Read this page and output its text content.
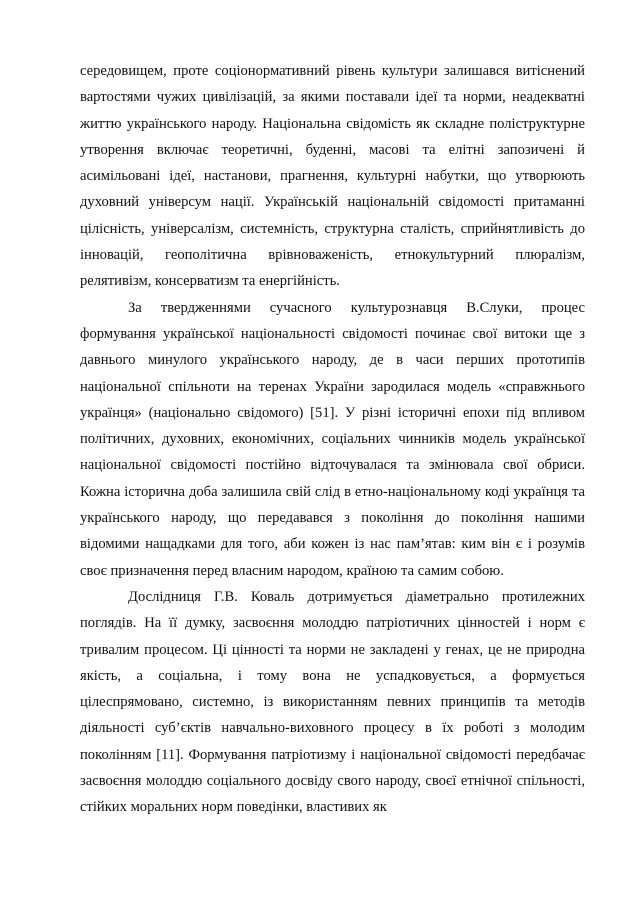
середовищем, проте соціонормативний рівень культури залишався витіснений вартостями чужих цивілізацій, за якими поставали ідеї та норми, неадекватні життю українського народу. Національна свідомість як складне поліструктурне утворення включає теоретичні, буденні, масові та елітні запозичені й асимільовані ідеї, настанови, прагнення, культурні набутки, що утворюють духовний універсум нації. Українській національній свідомості притаманні цілісність, універсалізм, системність, структурна сталість, сприйнятливість до інновацій, геополітична врівноваженість, етнокультурний плюралізм, релятивізм, консерватизм та енергійність.

За твердженнями сучасного культурознавця В.Слуки, процес формування української національності свідомості починає свої витоки ще з давнього минулого українського народу, де в часи перших прототипів національної спільноти на теренах України зародилася модель «справжнього українця» (національно свідомого) [51]. У різні історичні епохи під впливом політичних, духовних, економічних, соціальних чинників модель української національної свідомості постійно відточувалася та змінювала свої обриси. Кожна історична доба залишила свій слід в етно-національному коді українця та українського народу, що передавався з покоління до покоління нашими відомими нащадками для того, аби кожен із нас пам’ятав: ким він є і розумів своє призначення перед власним народом, країною та самим собою.

Дослідниця Г.В. Коваль дотримується діаметрально протилежних поглядів. На її думку, засвоєння молоддю патріотичних цінностей і норм є тривалим процесом. Ці цінності та норми не закладені у генах, це не природна якість, а соціальна, і тому вона не успадковується, а формується цілеспрямовано, системно, із використанням певних принципів та методів діяльності суб’єктів навчально-виховного процесу в їх роботі з молодим поколінням [11]. Формування патріотизму і національної свідомості передбачає засвоєння молоддю соціального досвіду свого народу, своєї етнічної спільності, стійких моральних норм поведінки, властивих як
